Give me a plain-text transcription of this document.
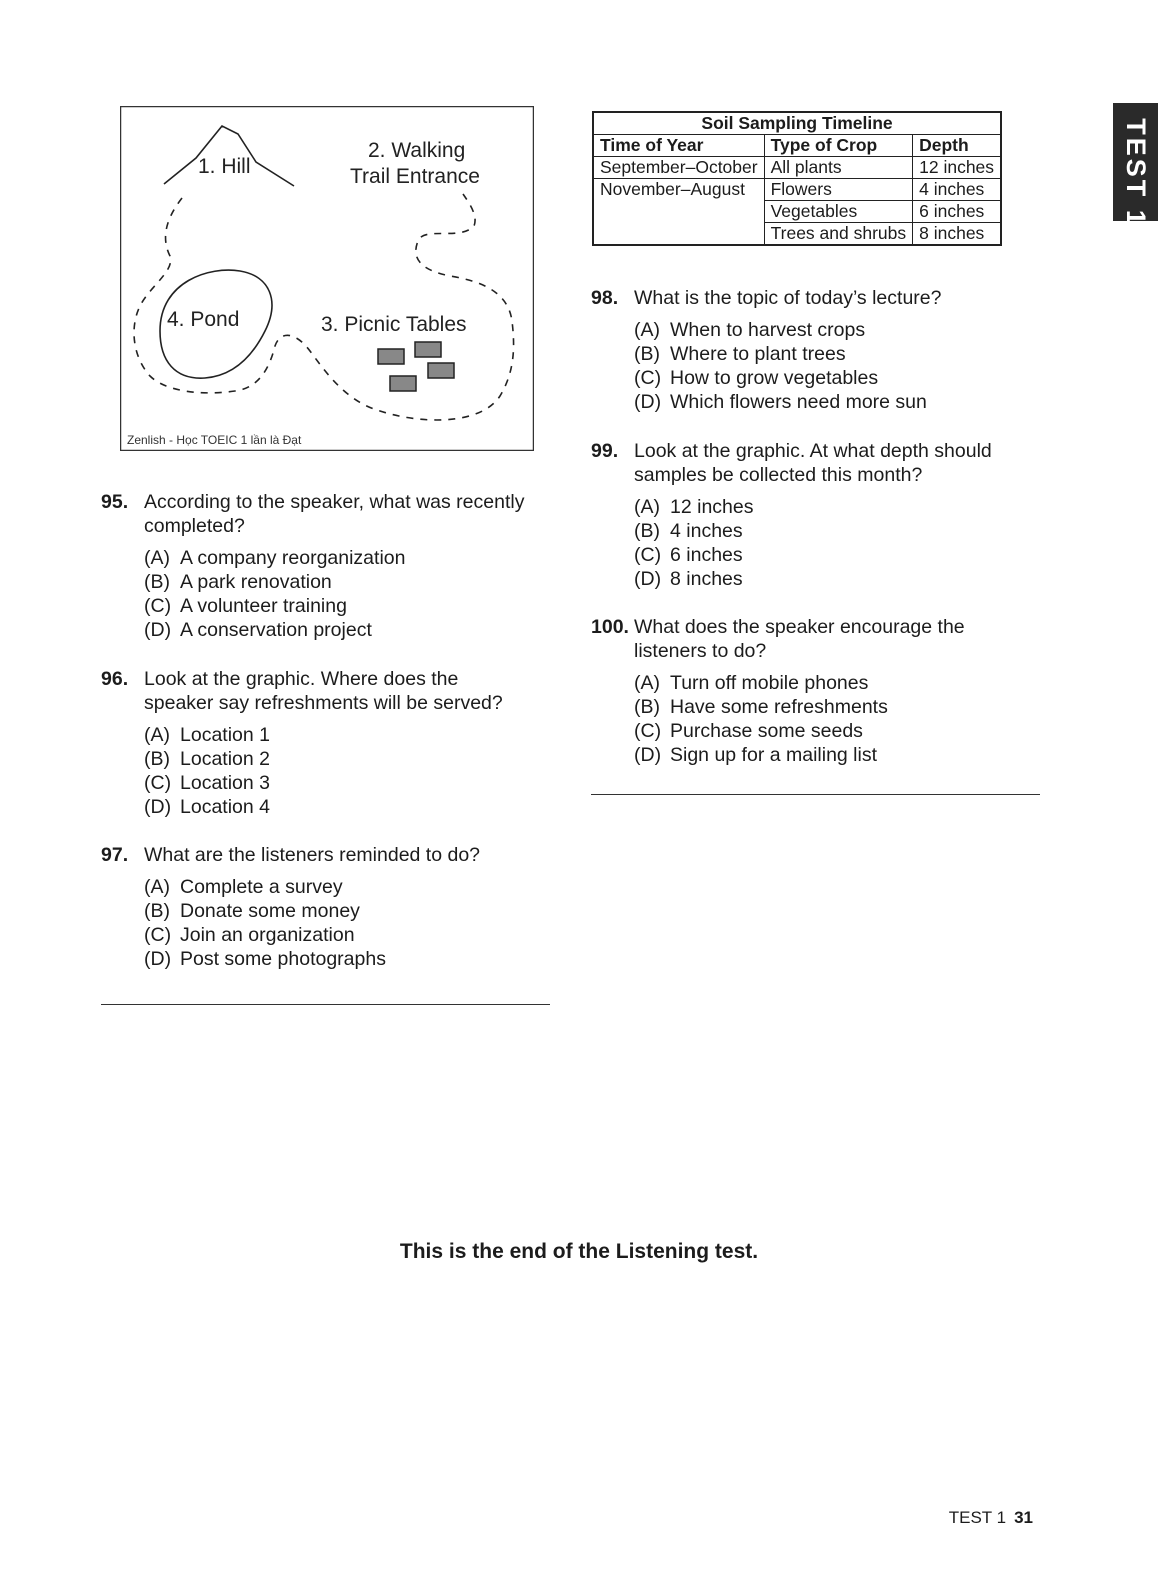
TEST 1
1. Hill
2. Walking
Trail Entrance
3. Picnic Tables
4. Pond
Zenlish - Học TOEIC 1 lần là Đạt
Soil Sampling Timeline		
Time of Year	Type of Crop	Depth
September–October	All plants	12 inches
November–August	Flowers	4 inches
	Vegetables	6 inches
	Trees and shrubs	8 inches
95. According to the speaker, what was recently
completed?
(A) A company reorganization
(B) A park renovation
(C) A volunteer training
(D) A conservation project
96. Look at the graphic. Where does the
speaker say refreshments will be served?
(A) Location 1
(B) Location 2
(C) Location 3
(D) Location 4
97. What are the listeners reminded to do?
(A) Complete a survey
(B) Donate some money
(C) Join an organization
(D) Post some photographs
98. What is the topic of today’s lecture?
(A) When to harvest crops
(B) Where to plant trees
(C) How to grow vegetables
(D) Which flowers need more sun
99. Look at the graphic. At what depth should
samples be collected this month?
(A) 12 inches
(B) 4 inches
(C) 6 inches
(D) 8 inches
100. What does the speaker encourage the
listeners to do?
(A) Turn off mobile phones
(B) Have some refreshments
(C) Purchase some seeds
(D) Sign up for a mailing list
This is the end of the Listening test.
TEST 1 31
